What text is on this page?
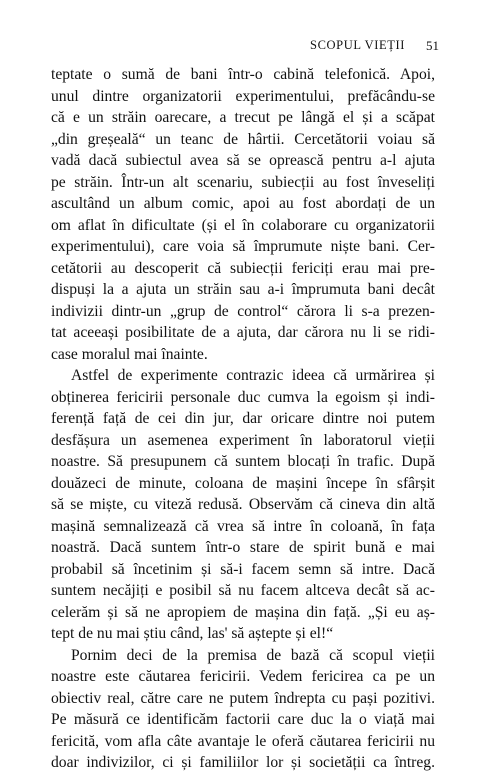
SCOPUL VIEȚII 51
teptate o sumă de bani într-o cabină telefonică. Apoi,
unul dintre organizatorii experimentului, prefăcându-se
că e un străin oarecare, a trecut pe lângă el și a scăpat
„din greșeală“ un teanc de hârtii. Cercetătorii voiau să
vadă dacă subiectul avea să se oprească pentru a-l ajuta
pe străin. Într-un alt scenariu, subiecții au fost înveseliți
ascultând un album comic, apoi au fost abordați de un
om aflat în dificultate (și el în colaborare cu organizatorii
experimentului), care voia să împrumute niște bani. Cer-
cetătorii au descoperit că subiecții fericiți erau mai pre-
dispuși la a ajuta un străin sau a-i împrumuta bani decât
indivizii dintr-un „grup de control“ cărora li s-a prezen-
tat aceeași posibilitate de a ajuta, dar cărora nu li se ridi-
case moralul mai înainte.
Astfel de experimente contrazic ideea că urmărirea și
obținerea fericirii personale duc cumva la egoism și indi-
ferență față de cei din jur, dar oricare dintre noi putem
desfășura un asemenea experiment în laboratorul vieții
noastre. Să presupunem că suntem blocați în trafic. După
douăzeci de minute, coloana de mașini începe în sfârșit
să se miște, cu viteză redusă. Observăm că cineva din altă
mașină semnalizează că vrea să intre în coloană, în fața
noastră. Dacă suntem într-o stare de spirit bună e mai
probabil să încetinim și să-i facem semn să intre. Dacă
suntem necăjiți e posibil să nu facem altceva decât să ac-
celerăm și să ne apropiem de mașina din față. „Și eu aș-
tept de nu mai știu când, las' să aștepte și el!“
Pornim deci de la premisa de bază că scopul vieții
noastre este căutarea fericirii. Vedem fericirea ca pe un
obiectiv real, către care ne putem îndrepta cu pași pozitivi.
Pe măsură ce identificăm factorii care duc la o viață mai
fericită, vom afla câte avantaje le oferă căutarea fericirii nu
doar indivizilor, ci și familiilor lor și societății ca întreg.
